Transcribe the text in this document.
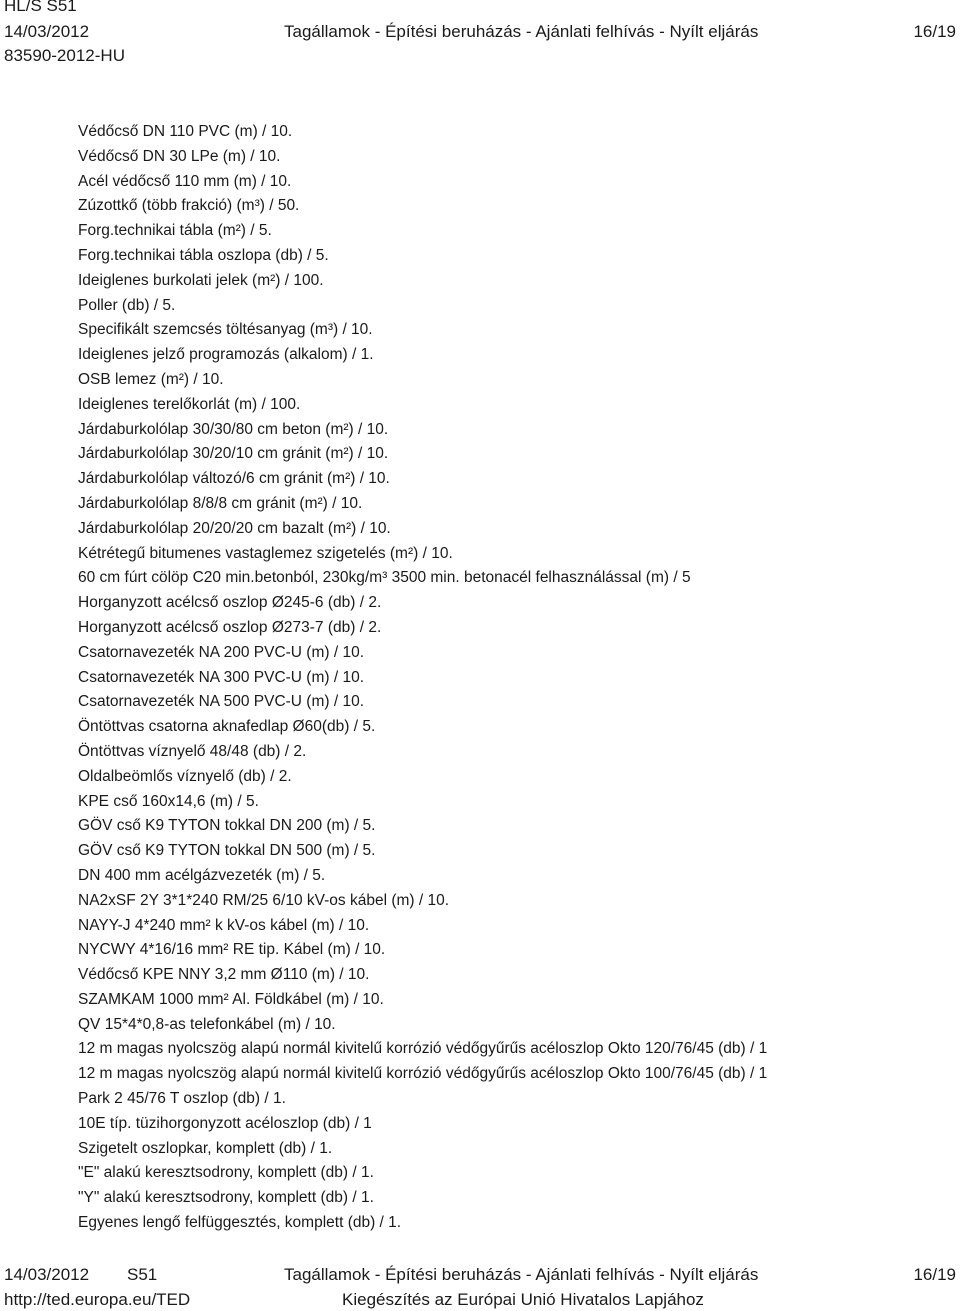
HL/S S51
14/03/2012	Tagállamok - Építési beruházás - Ajánlati felhívás - Nyílt eljárás	16/19
83590-2012-HU
Védőcső DN 110 PVC (m) / 10.
Védőcső DN 30 LPe (m) / 10.
Acél védőcső 110 mm (m) / 10.
Zúzottkő (több frakció) (m³) / 50.
Forg.technikai tábla (m²) / 5.
Forg.technikai tábla oszlopa (db) / 5.
Ideiglenes burkolati jelek (m²) / 100.
Poller (db) / 5.
Specifikált szemcsés töltésanyag (m³) / 10.
Ideiglenes jelző programozás (alkalom) / 1.
OSB lemez (m²) / 10.
Ideiglenes terelőkorlát (m) / 100.
Járdaburkolólap 30/30/80 cm beton (m²) / 10.
Járdaburkolólap 30/20/10 cm gránit (m²) / 10.
Járdaburkolólap változó/6 cm gránit (m²) / 10.
Járdaburkolólap 8/8/8 cm gránit (m²) / 10.
Járdaburkolólap 20/20/20 cm bazalt (m²) / 10.
Kétrétegű bitumenes vastaglemez szigetelés (m²) / 10.
60 cm fúrt cölöp C20 min.betonból, 230kg/m³ 3500 min. betonacél felhasználással (m) / 5
Horganyzott acélcső oszlop Ø245-6 (db) / 2.
Horganyzott acélcső oszlop Ø273-7 (db) / 2.
Csatornavezeték NA 200 PVC-U (m) / 10.
Csatornavezeték NA 300 PVC-U (m) / 10.
Csatornavezeték NA 500 PVC-U (m) / 10.
Öntöttvas csatorna aknafedlap Ø60(db) / 5.
Öntöttvas víznyelő 48/48 (db) / 2.
Oldalbeömlős víznyelő (db) / 2.
KPE cső 160x14,6 (m) / 5.
GÖV cső K9 TYTON tokkal DN 200 (m) / 5.
GÖV cső K9 TYTON tokkal DN 500 (m) / 5.
DN 400 mm acélgázvezeték (m) / 5.
NA2xSF 2Y 3*1*240 RM/25 6/10 kV-os kábel (m) / 10.
NAYY-J 4*240 mm² k kV-os kábel (m) / 10.
NYCWY 4*16/16 mm² RE tip. Kábel (m) / 10.
Védőcső KPE NNY 3,2 mm Ø110 (m) / 10.
SZAMKAM 1000 mm² Al. Földkábel (m) / 10.
QV 15*4*0,8-as telefonkábel (m) / 10.
12 m magas nyolcszög alapú normál kivitelű korrózió védőgyűrűs acéloszlop Okto 120/76/45 (db) / 1
12 m magas nyolcszög alapú normál kivitelű korrózió védőgyűrűs acéloszlop Okto 100/76/45 (db) / 1
Park 2 45/76 T oszlop (db) / 1.
10E típ. tüzihorgonyzott acéloszlop (db) / 1
Szigetelt oszlopkar, komplett (db) / 1.
"E" alakú keresztsodrony, komplett (db) / 1.
"Y" alakú keresztsodrony, komplett (db) / 1.
Egyenes lengő felfüggesztés, komplett (db) / 1.
14/03/2012 S51	Tagállamok - Építési beruházás - Ajánlati felhívás - Nyílt eljárás	16/19
http://ted.europa.eu/TED	Kiegészítés az Európai Unió Hivatalos Lapjához
